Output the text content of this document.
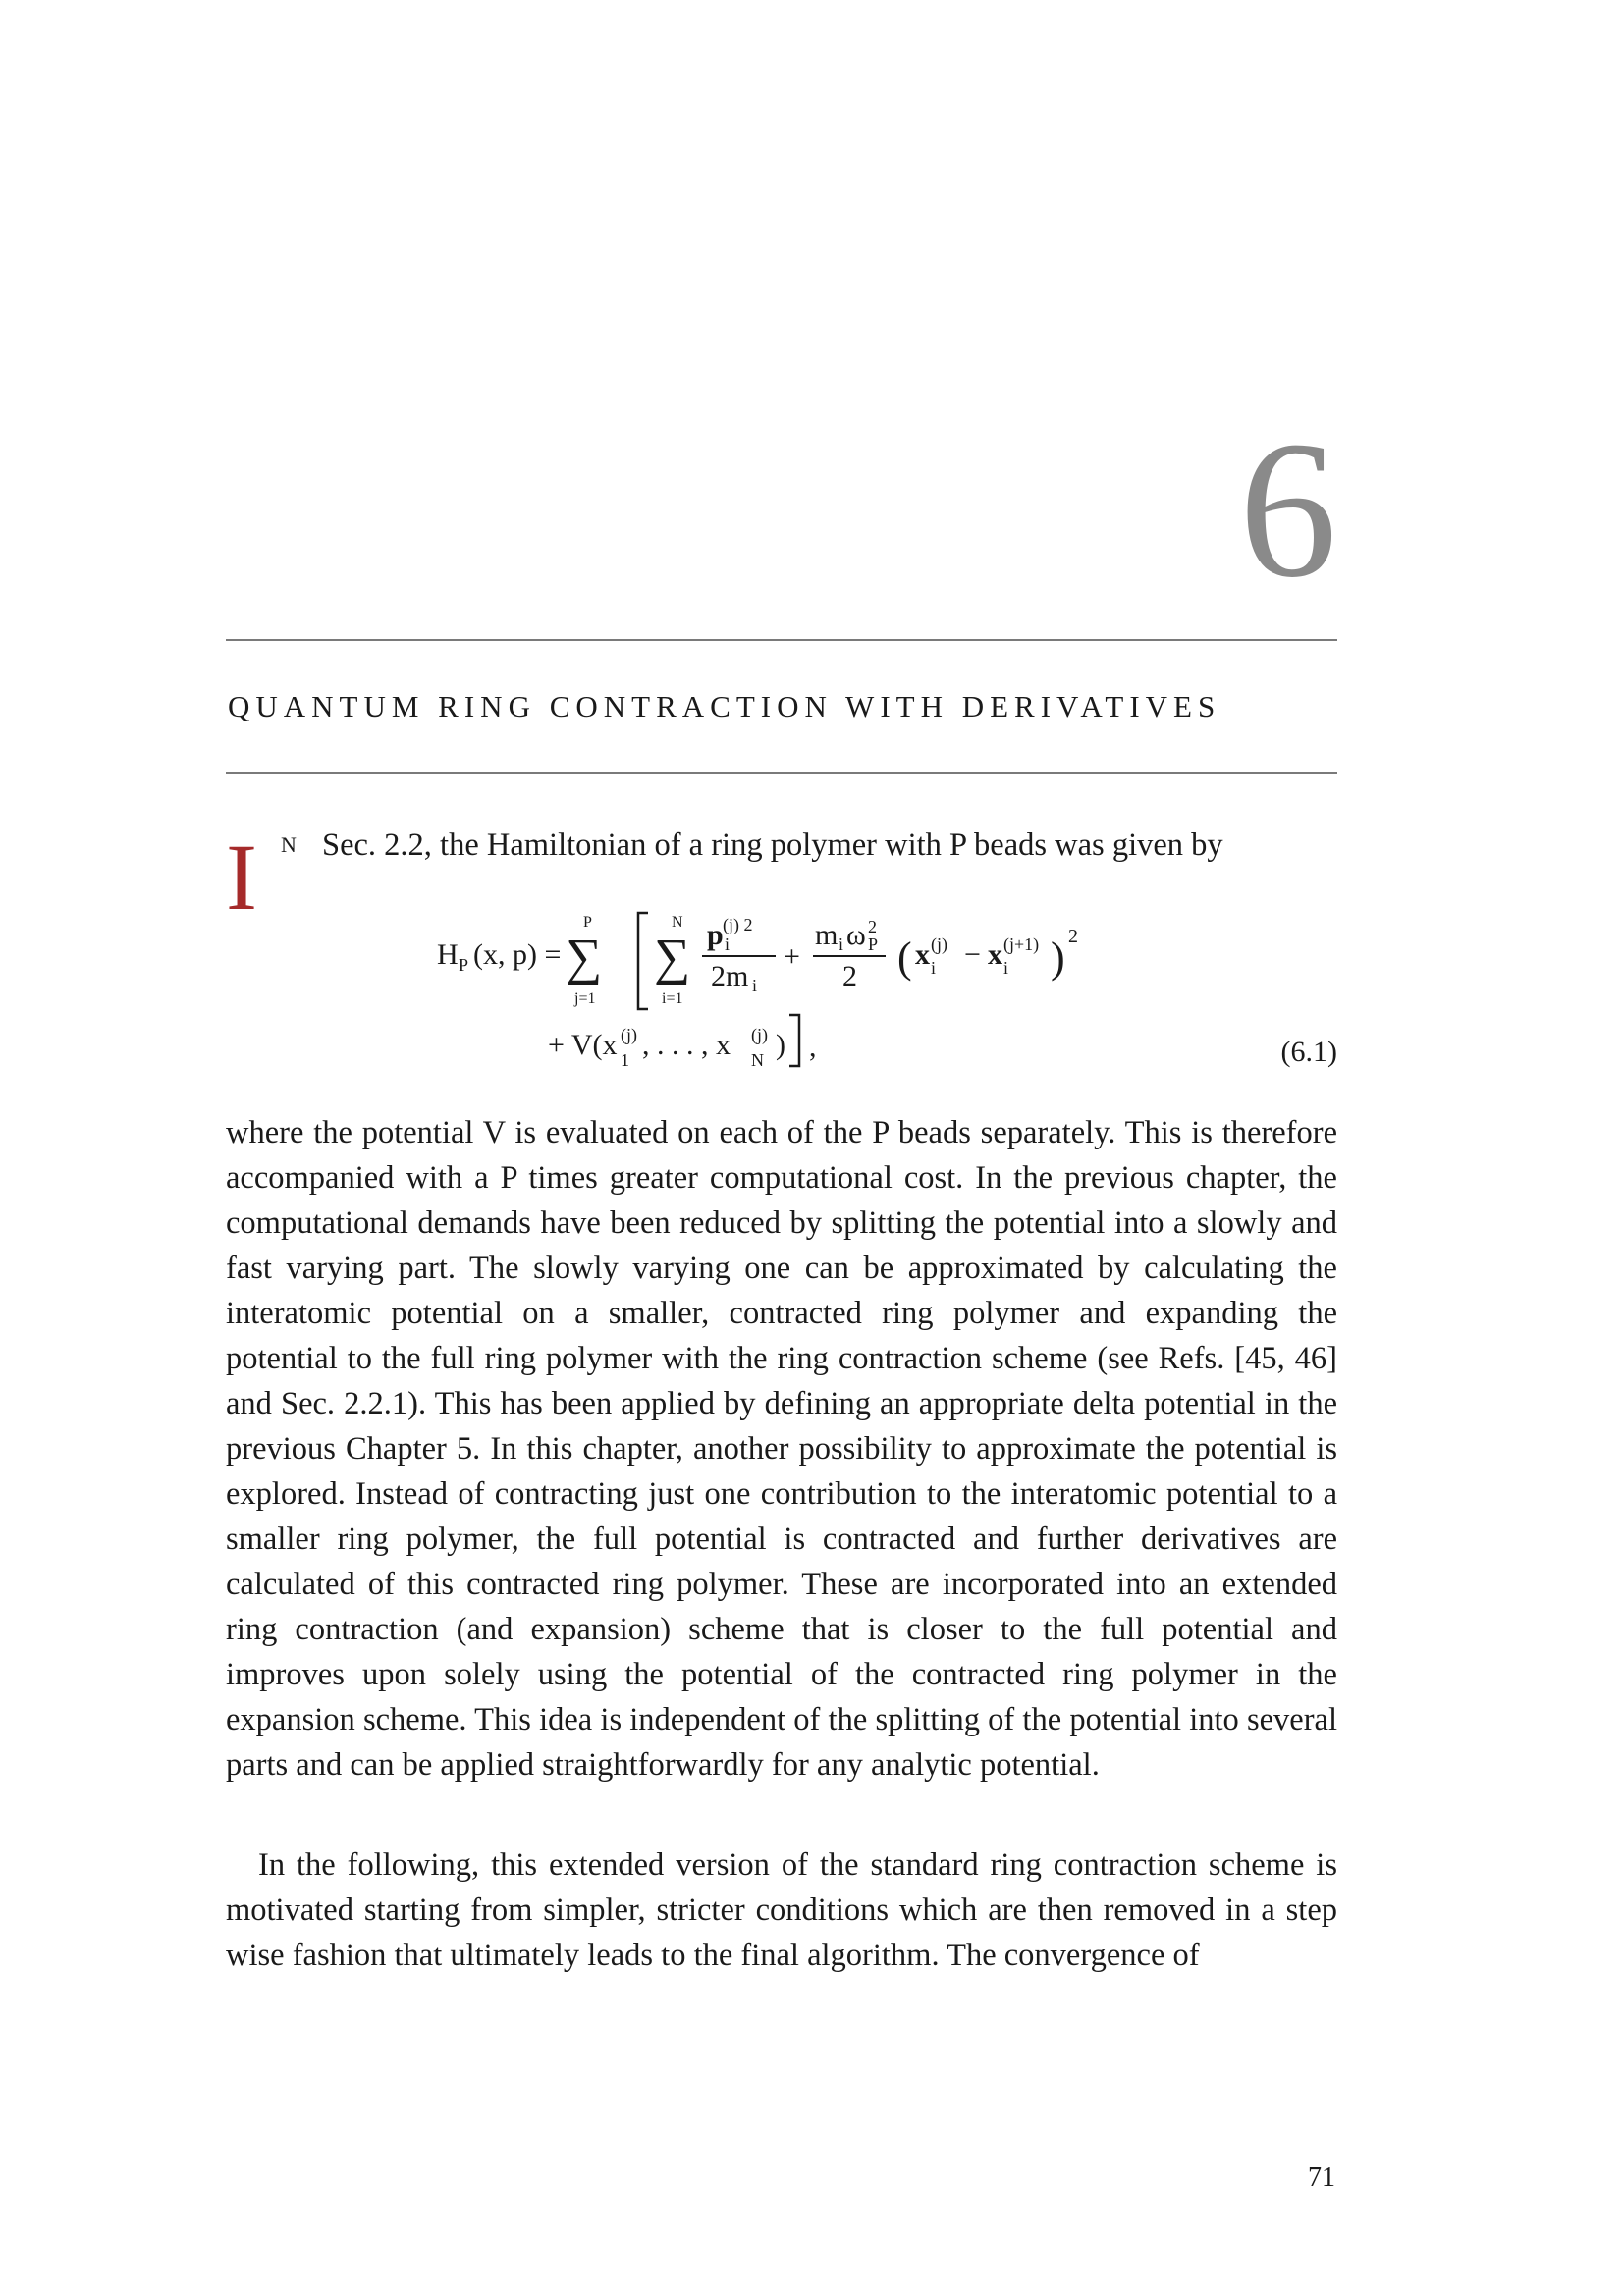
6
QUANTUM RING CONTRACTION WITH DERIVATIVES
I N Sec. 2.2, the Hamiltonian of a ring polymer with P beads was given by
H P (x, p) =
P
∑
j=1
N
∑
i=1
p (j) 2
i
2m i
+
m i ω 2
P
2 ( x (j)
i − x (j+1)
i ) 2
+ V(x 1
(j) , . . . , x N
(j) ) ,	(6.1)

where the potential V is evaluated on each of the P beads separately. This is therefore accompanied with a P times greater computational cost. In the previous chapter, the computational demands have been reduced by splitting the potential into a slowly and fast varying part. The slowly varying one can be approximated by calculating the interatomic potential on a smaller, contracted ring polymer and expanding the potential to the full ring polymer with the ring contraction scheme (see Refs. [45, 46] and Sec. 2.2.1). This has been applied by defining an appropriate delta potential in the previous Chapter 5. In this chapter, another possibility to approximate the potential is explored. Instead of contracting just one contribution to the interatomic potential to a smaller ring polymer, the full potential is contracted and further derivatives are calculated of this contracted ring polymer. These are incorporated into an extended ring contraction (and expansion) scheme that is closer to the full potential and improves upon solely using the potential of the contracted ring polymer in the expansion scheme. This idea is independent of the splitting of the potential into several parts and can be applied straightforwardly for any analytic potential.

In the following, this extended version of the standard ring contraction scheme is motivated starting from simpler, stricter conditions which are then removed in a step wise fashion that ultimately leads to the final algorithm. The convergence of

71
